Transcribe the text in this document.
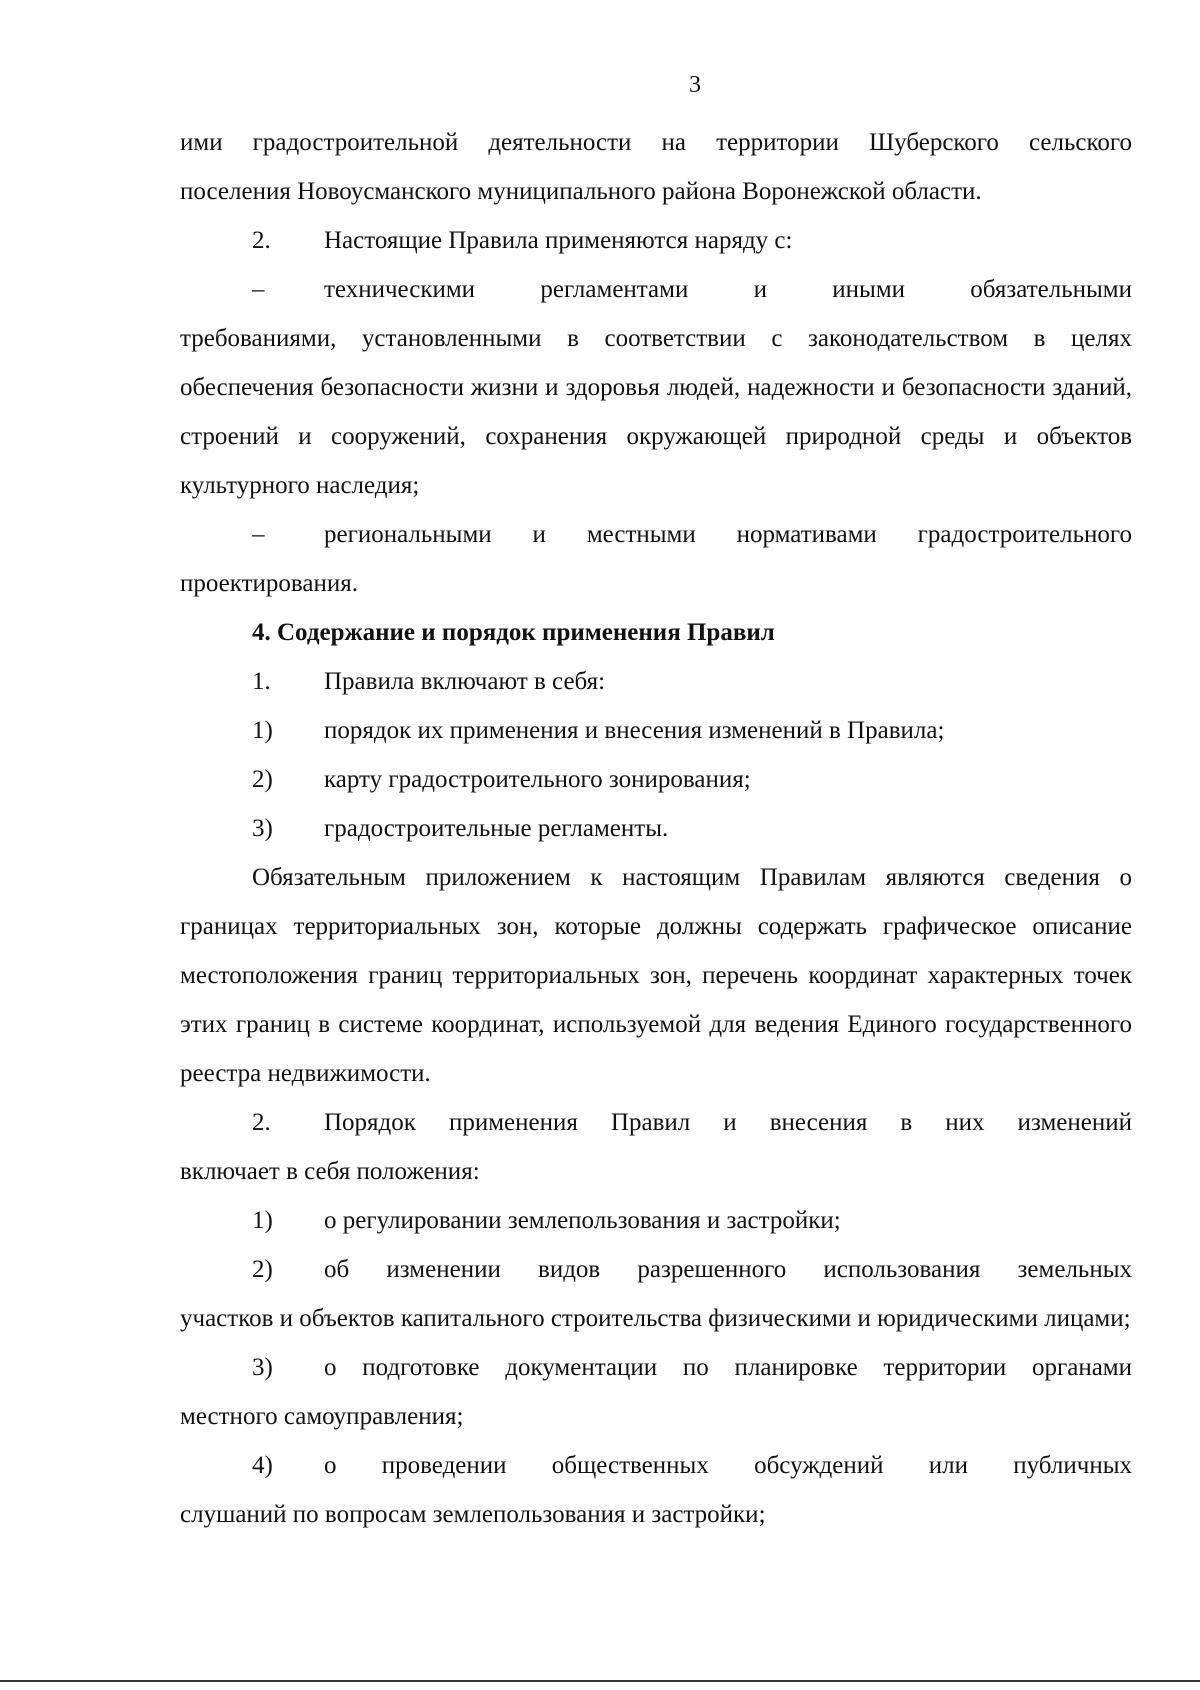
3

ими градостроительной деятельности на территории Шуберского сельского

поселения Новоусманского муниципального района Воронежской области.

2.	Настоящие Правила применяются наряду с:
–	техническими регламентами и иными обязательными

требованиями, установленными в соответствии с законодательством в целях обеспечения безопасности жизни и здоровья людей, надежности и безопасности зданий, строений и сооружений, сохранения окружающей природной среды и объектов культурного наследия;

–	региональными и местными нормативами градостроительного

проектирования.

4. Содержание и порядок применения Правил

1.	Правила включают в себя:
1)	порядок их применения и внесения изменений в Правила;
2)	карту градостроительного зонирования;
3)	градостроительные регламенты.

Обязательным приложением к настоящим Правилам являются сведения о границах территориальных зон, которые должны содержать графическое описание местоположения границ территориальных зон, перечень координат характерных точек этих границ в системе координат, используемой для ведения Единого государственного реестра недвижимости.

2.	Порядок применения Правил и внесения в них изменений

включает в себя положения:

1)	о регулировании землепользования и застройки;
2)	об изменении видов разрешенного использования земельных

участков и объектов капитального строительства физическими и юридическими лицами;

3)	о подготовке документации по планировке территории органами

местного самоуправления;

4)	о проведении общественных обсуждений или публичных

слушаний по вопросам землепользования и застройки;
